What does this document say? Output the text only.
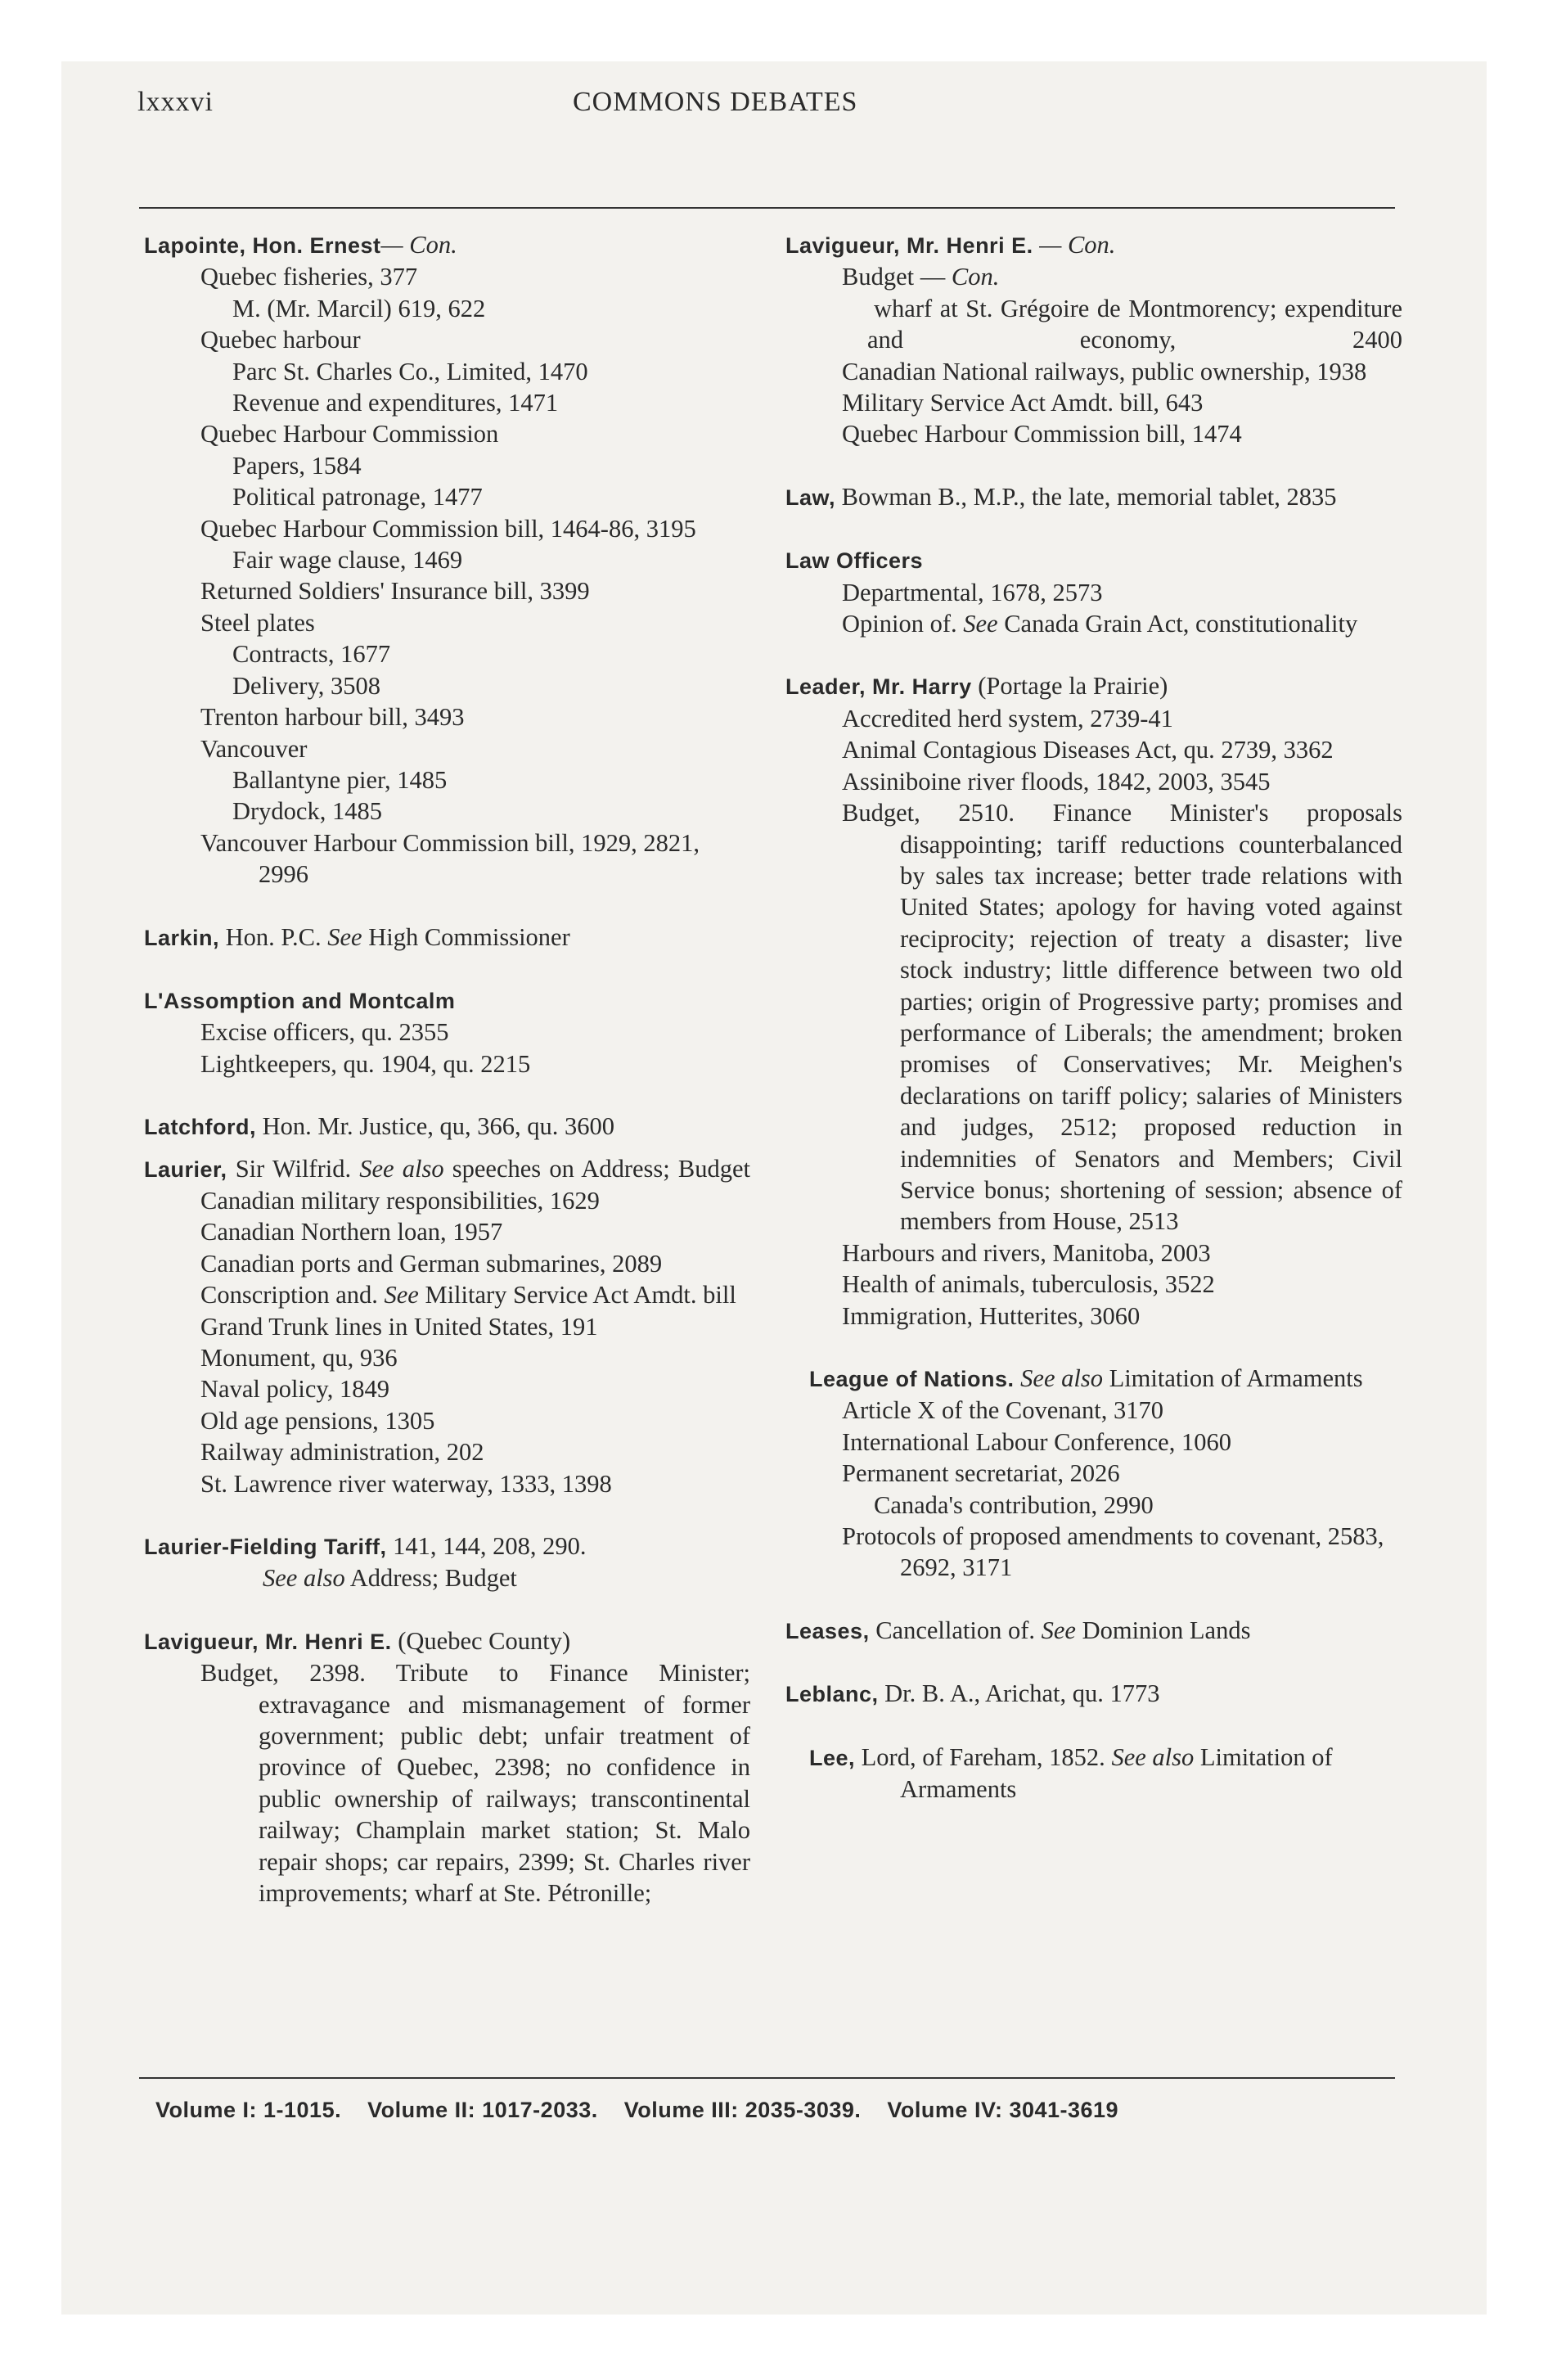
lxxxvi	COMMONS DEBATES
Lapointe, Hon. Ernest— Con.
Quebec fisheries, 377
M. (Mr. Marcil) 619, 622
Quebec harbour
Parc St. Charles Co., Limited, 1470
Revenue and expenditures, 1471
Quebec Harbour Commission
Papers, 1584
Political patronage, 1477
Quebec Harbour Commission bill, 1464-86, 3195
Fair wage clause, 1469
Returned Soldiers' Insurance bill, 3399
Steel plates
Contracts, 1677
Delivery, 3508
Trenton harbour bill, 3493
Vancouver
Ballantyne pier, 1485
Drydock, 1485
Vancouver Harbour Commission bill, 1929, 2821, 2996
Larkin, Hon. P.C. See High Commissioner
L'Assomption and Montcalm
Excise officers, qu. 2355
Lightkeepers, qu. 1904, qu. 2215
Latchford, Hon. Mr. Justice, qu, 366, qu. 3600
Laurier, Sir Wilfrid. See also speeches on Address; Budget
Canadian military responsibilities, 1629
Canadian Northern loan, 1957
Canadian ports and German submarines, 2089
Conscription and. See Military Service Act Amdt. bill
Grand Trunk lines in United States, 191
Monument, qu, 936
Naval policy, 1849
Old age pensions, 1305
Railway administration, 202
St. Lawrence river waterway, 1333, 1398
Laurier-Fielding Tariff, 141, 144, 208, 290.
See also Address; Budget
Lavigueur, Mr. Henri E. (Quebec County)
Budget, 2398. Tribute to Finance Minister; extravagance and mismanagement of former government; public debt; unfair treatment of province of Quebec, 2398; no confidence in public ownership of railways; transcontinental railway; Champlain market station; St. Malo repair shops; car repairs, 2399; St. Charles river improvements; wharf at Ste. Pétronille;
Lavigueur, Mr. Henri E. — Con.
Budget — Con.
wharf at St. Grégoire de Montmorency; expenditure and economy, 2400
Canadian National railways, public ownership, 1938
Military Service Act Amdt. bill, 643
Quebec Harbour Commission bill, 1474
Law, Bowman B., M.P., the late, memorial tablet, 2835
Law Officers
Departmental, 1678, 2573
Opinion of. See Canada Grain Act, constitutionality
Leader, Mr. Harry (Portage la Prairie)
Accredited herd system, 2739-41
Animal Contagious Diseases Act, qu. 2739, 3362
Assiniboine river floods, 1842, 2003, 3545
Budget, 2510. Finance Minister's proposals disappointing; tariff reductions counterbalanced by sales tax increase; better trade relations with United States; apology for having voted against reciprocity; rejection of treaty a disaster; live stock industry; little difference between two old parties; origin of Progressive party; promises and performance of Liberals; the amendment; broken promises of Conservatives; Mr. Meighen's declarations on tariff policy; salaries of Ministers and judges, 2512; proposed reduction in indemnities of Senators and Members; Civil Service bonus; shortening of session; absence of members from House, 2513
Harbours and rivers, Manitoba, 2003
Health of animals, tuberculosis, 3522
Immigration, Hutterites, 3060
League of Nations. See also Limitation of Armaments
Article X of the Covenant, 3170
International Labour Conference, 1060
Permanent secretariat, 2026
Canada's contribution, 2990
Protocols of proposed amendments to covenant, 2583, 2692, 3171
Leases, Cancellation of. See Dominion Lands
Leblanc, Dr. B. A., Arichat, qu. 1773
Lee, Lord, of Fareham, 1852. See also Limitation of Armaments
Volume I: 1-1015. Volume II: 1017-2033. Volume III: 2035-3039. Volume IV: 3041-3619
